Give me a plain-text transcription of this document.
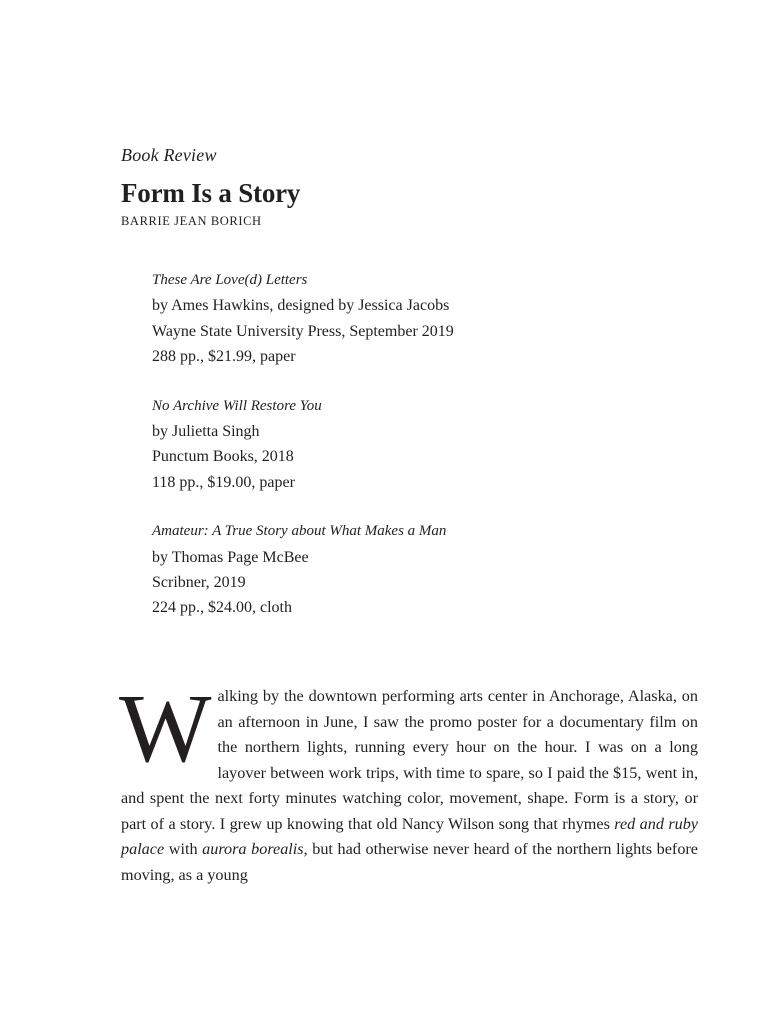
Book Review
Form Is a Story
BARRIE JEAN BORICH
These Are Love(d) Letters
by Ames Hawkins, designed by Jessica Jacobs
Wayne State University Press, September 2019
288 pp., $21.99, paper
No Archive Will Restore You
by Julietta Singh
Punctum Books, 2018
118 pp., $19.00, paper
Amateur: A True Story about What Makes a Man
by Thomas Page McBee
Scribner, 2019
224 pp., $24.00, cloth

Walking by the downtown performing arts center in Anchorage, Alaska, on an afternoon in June, I saw the promo poster for a documentary film on the northern lights, running every hour on the hour. I was on a long layover between work trips, with time to spare, so I paid the $15, went in, and spent the next forty minutes watching color, movement, shape. Form is a story, or part of a story. I grew up knowing that old Nancy Wilson song that rhymes red and ruby palace with aurora borealis, but had otherwise never heard of the northern lights before moving, as a young
